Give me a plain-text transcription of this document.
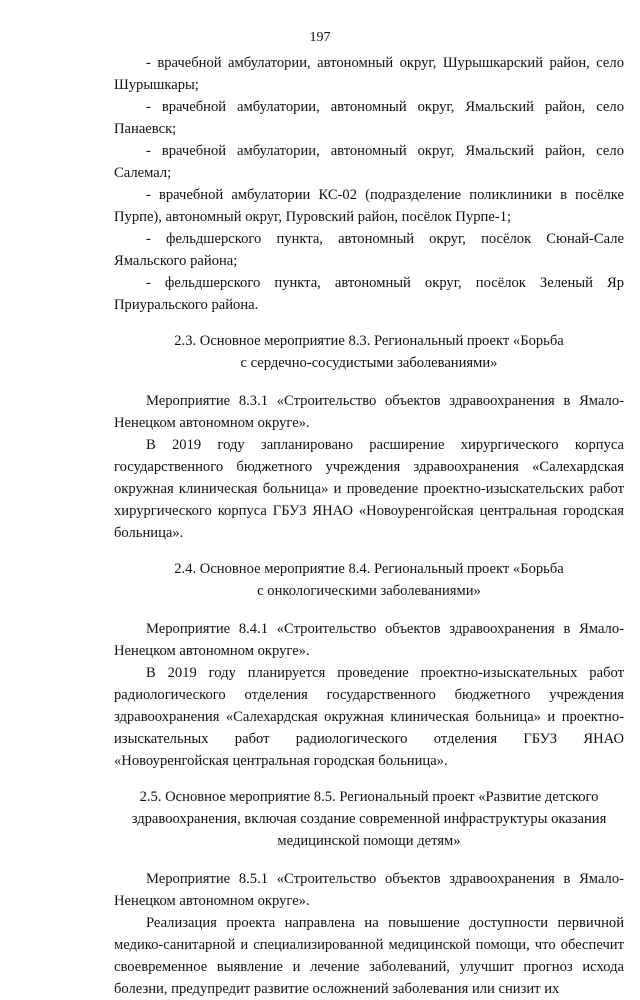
197

- врачебной амбулатории, автономный округ, Шурышкарский район, село Шурышкары;

- врачебной амбулатории, автономный округ, Ямальский район, село Панаевск;

- врачебной амбулатории, автономный округ, Ямальский район, село Салемал;

- врачебной амбулатории КС-02 (подразделение поликлиники в посёлке Пурпе), автономный округ, Пуровский район, посёлок Пурпе-1;

- фельдшерского пункта, автономный округ, посёлок Сюнай-Сале Ямальского района;

- фельдшерского пункта, автономный округ, посёлок Зеленый Яр Приуральского района.

2.3. Основное мероприятие 8.3. Региональный проект «Борьба
с сердечно-сосудистыми заболеваниями»

Мероприятие 8.3.1 «Строительство объектов здравоохранения в Ямало-Ненецком автономном округе».

В 2019 году запланировано расширение хирургического корпуса государственного бюджетного учреждения здравоохранения «Салехардская окружная клиническая больница» и проведение проектно-изыскательских работ хирургического корпуса ГБУЗ ЯНАО «Новоуренгойская центральная городская больница».

2.4. Основное мероприятие 8.4. Региональный проект «Борьба
с онкологическими заболеваниями»

Мероприятие 8.4.1 «Строительство объектов здравоохранения в Ямало-Ненецком автономном округе».

В 2019 году планируется проведение проектно-изыскательных работ радиологического отделения государственного бюджетного учреждения здравоохранения «Салехардская окружная клиническая больница» и проектно-изыскательных работ радиологического отделения ГБУЗ ЯНАО «Новоуренгойская центральная городская больница».

2.5. Основное мероприятие 8.5. Региональный проект «Развитие детского
здравоохранения, включая создание современной инфраструктуры оказания
медицинской помощи детям»

Мероприятие 8.5.1 «Строительство объектов здравоохранения в Ямало-Ненецком автономном округе».

Реализация проекта направлена на повышение доступности первичной медико-санитарной и специализированной медицинской помощи, что обеспечит своевременное выявление и лечение заболеваний, улучшит прогноз исхода болезни, предупредит развитие осложнений заболевания или снизит их
